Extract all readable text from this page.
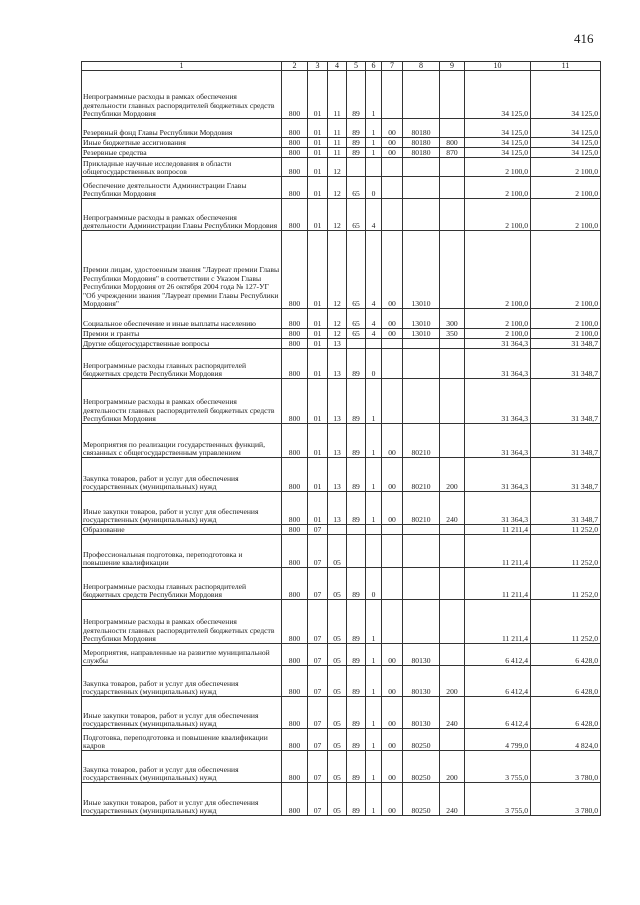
416
1	2	3	4	5	6	7	8	9	10	11
Непрограммные расходы в рамках обеспечения деятельности главных распорядителей бюджетных средств Республики Мордовия	800	01	11	89	1				34 125,0	34 125,0
Резервный фонд Главы Республики Мордовия	800	01	11	89	1	00	80180		34 125,0	34 125,0
Иные бюджетные ассигнования	800	01	11	89	1	00	80180	800	34 125,0	34 125,0
Резервные средства	800	01	11	89	1	00	80180	870	34 125,0	34 125,0
Прикладные научные исследования в области общегосударственных вопросов	800	01	12						2 100,0	2 100,0
Обеспечение деятельности Администрации Главы Республики Мордовия	800	01	12	65	0				2 100,0	2 100,0
Непрограммные расходы в рамках обеспечения деятельности Администрации Главы Республики Мордовия	800	01	12	65	4				2 100,0	2 100,0
Премии лицам, удостоенным звания "Лауреат премии Главы Республики Мордовия" в соответствии с Указом Главы Республики Мордовия от 26 октября 2004 года № 127-УГ "Об учреждении звания "Лауреат премии Главы Республики Мордовия"	800	01	12	65	4	00	13010		2 100,0	2 100,0
Социальное обеспечение и иные выплаты населению	800	01	12	65	4	00	13010	300	2 100,0	2 100,0
Премии и гранты	800	01	12	65	4	00	13010	350	2 100,0	2 100,0
Другие общегосударственные вопросы	800	01	13						31 364,3	31 348,7
Непрограммные расходы главных распорядителей бюджетных средств Республики Мордовия	800	01	13	89	0				31 364,3	31 348,7
Непрограммные расходы в рамках обеспечения деятельности главных распорядителей бюджетных средств Республики Мордовия	800	01	13	89	1				31 364,3	31 348,7
Мероприятия по реализации государственных функций, связанных с общегосударственным управлением	800	01	13	89	1	00	80210		31 364,3	31 348,7
Закупка товаров, работ и услуг для обеспечения государственных (муниципальных) нужд	800	01	13	89	1	00	80210	200	31 364,3	31 348,7
Иные закупки товаров, работ и услуг для обеспечения государственных (муниципальных) нужд	800	01	13	89	1	00	80210	240	31 364,3	31 348,7
Образование	800	07							11 211,4	11 252,0
Профессиональная подготовка, переподготовка и повышение квалификации	800	07	05						11 211,4	11 252,0
Непрограммные расходы главных распорядителей бюджетных средств Республики Мордовия	800	07	05	89	0				11 211,4	11 252,0
Непрограммные расходы в рамках обеспечения деятельности главных распорядителей бюджетных средств Республики Мордовия	800	07	05	89	1				11 211,4	11 252,0
Мероприятия, направленные на развитие муниципальной службы	800	07	05	89	1	00	80130		6 412,4	6 428,0
Закупка товаров, работ и услуг для обеспечения государственных (муниципальных) нужд	800	07	05	89	1	00	80130	200	6 412,4	6 428,0
Иные закупки товаров, работ и услуг для обеспечения государственных (муниципальных) нужд	800	07	05	89	1	00	80130	240	6 412,4	6 428,0
Подготовка, переподготовка и повышение квалификации кадров	800	07	05	89	1	00	80250		4 799,0	4 824,0
Закупка товаров, работ и услуг для обеспечения государственных (муниципальных) нужд	800	07	05	89	1	00	80250	200	3 755,0	3 780,0
Иные закупки товаров, работ и услуг для обеспечения государственных (муниципальных) нужд	800	07	05	89	1	00	80250	240	3 755,0	3 780,0
